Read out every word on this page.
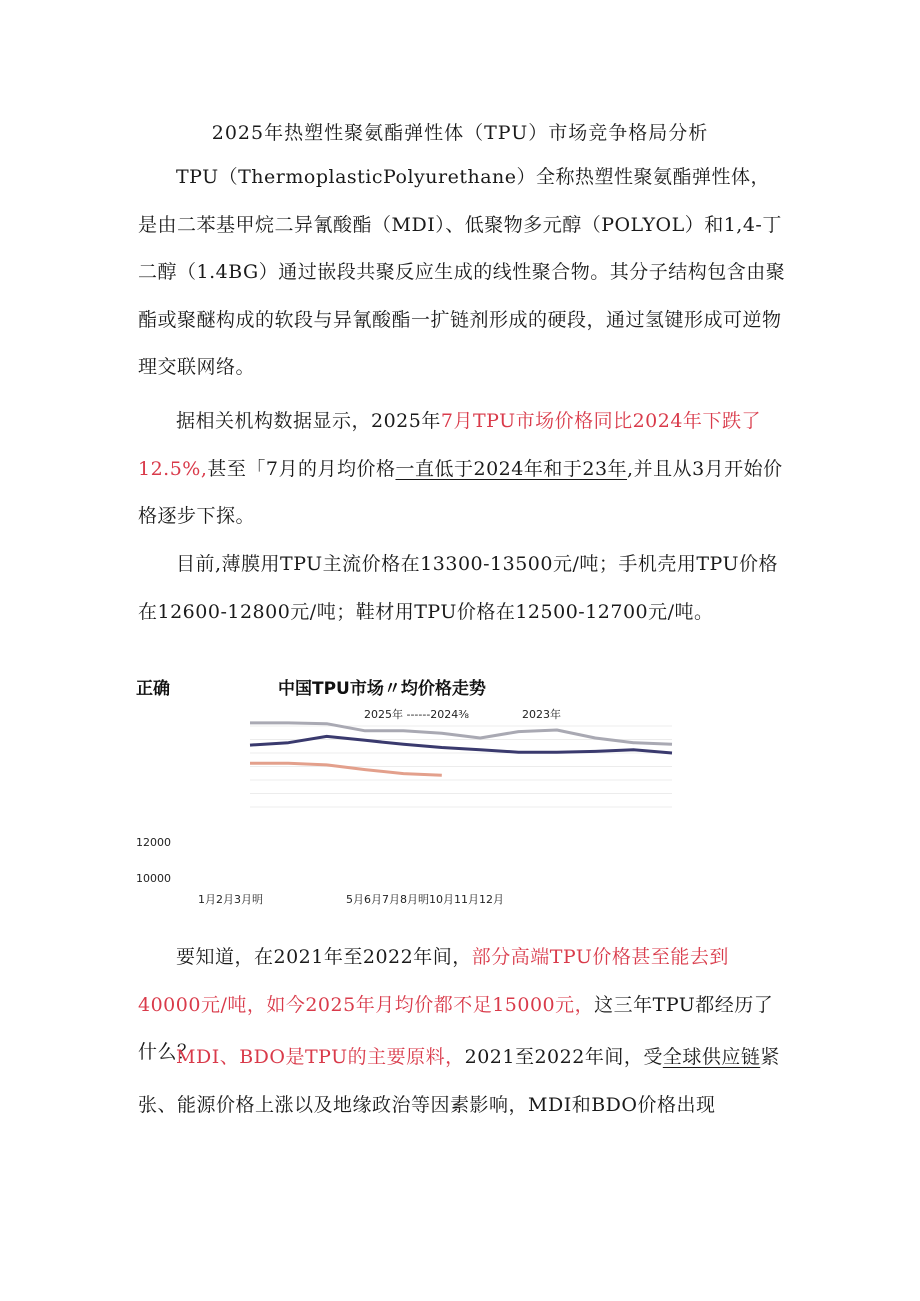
2025年热塑性聚氨酯弹性体（TPU）市场竞争格局分析

TPU（ThermoplasticPolyurethane）全称热塑性聚氨酯弹性体，是由二苯基甲烷二异氰酸酯（MDI）、低聚物多元醇（POLYOL）和1,4-丁二醇（1.4BG）通过嵌段共聚反应生成的线性聚合物。其分子结构包含由聚酯或聚醚构成的软段与异氰酸酯一扩链剂形成的硬段，通过氢键形成可逆物理交联网络。

据相关机构数据显示，2025年7月TPU市场价格同比2024年下跌了12.5%,甚至「7月的月均价格一直低于2024年和于23年,并且从3月开始价格逐步下探。

目前,薄膜用TPU主流价格在13300-13500元/吨；手机壳用TPU价格在12600-12800元/吨；鞋材用TPU价格在12500-12700元/吨。

正确	中国TPU市场〃均价格走势
2025年 ------2024⅜	2023年
12000
10000
1月2月3月明	5月6月7月8月明10月11月12月

要知道，在2021年至2022年间，部分高端TPU价格甚至能去到40000元/吨，如今2025年月均价都不足15000元，这三年TPU都经历了什么？

MDI、BDO是TPU的主要原料，2021至2022年间，受全球供应链紧张、能源价格上涨以及地缘政治等因素影响，MDI和BDO价格出现
